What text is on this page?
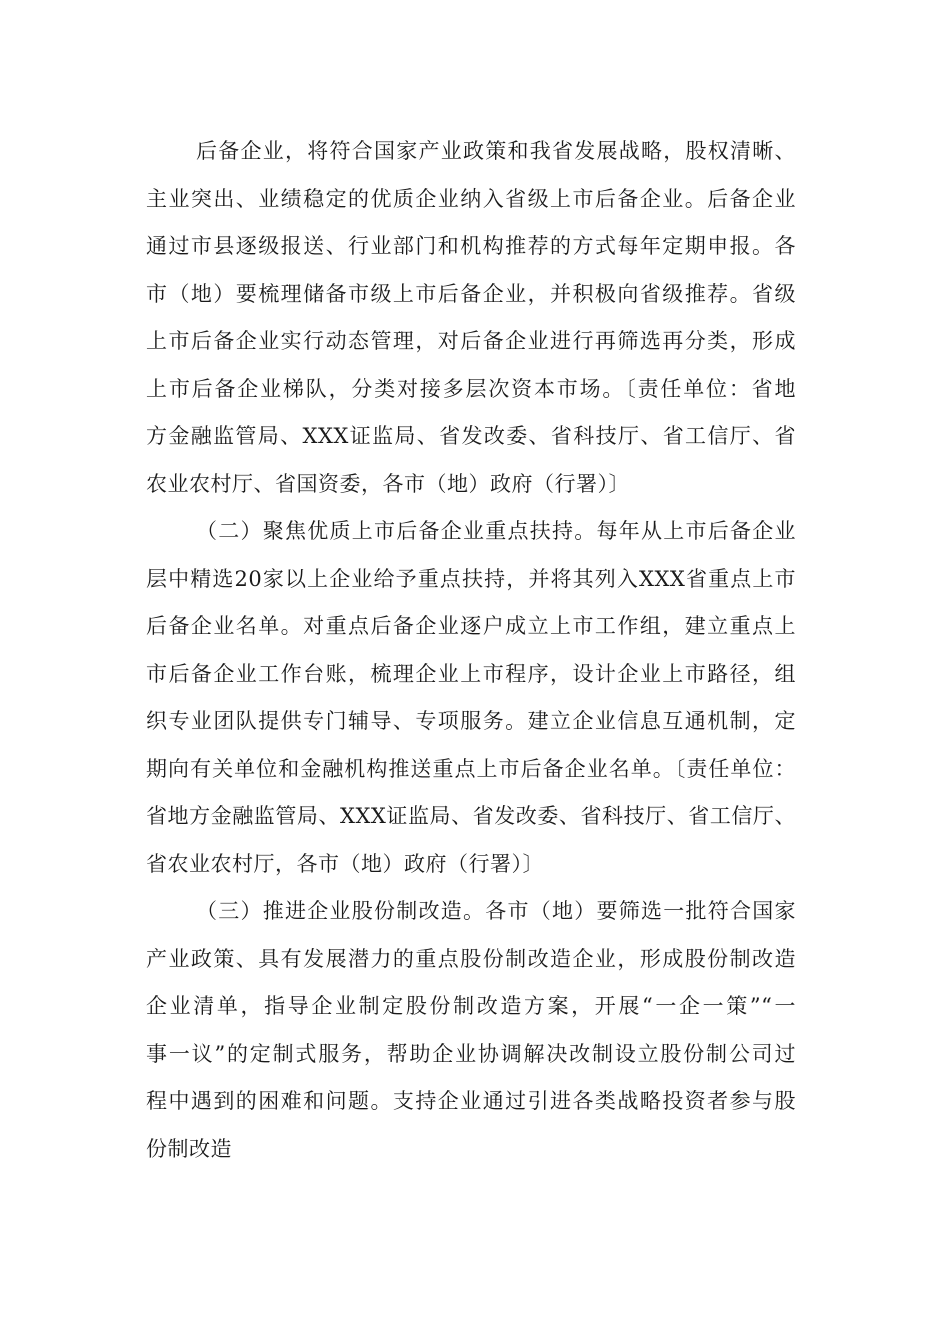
后备企业，将符合国家产业政策和我省发展战略，股权清晰、
主业突出、业绩稳定的优质企业纳入省级上市后备企业。后备企业
通过市县逐级报送、行业部门和机构推荐的方式每年定期申报。各
市（地）要梳理储备市级上市后备企业，并积极向省级推荐。省级
上市后备企业实行动态管理，对后备企业进行再筛选再分类，形成
上市后备企业梯队，分类对接多层次资本市场。〔责任单位：省地
方金融监管局、XXX证监局、省发改委、省科技厅、省工信厅、省
农业农村厅、省国资委，各市（地）政府（行署）〕
（二）聚焦优质上市后备企业重点扶持。每年从上市后备企业
层中精选20家以上企业给予重点扶持，并将其列入XXX省重点上市
后备企业名单。对重点后备企业逐户成立上市工作组，建立重点上
市后备企业工作台账，梳理企业上市程序，设计企业上市路径，组
织专业团队提供专门辅导、专项服务。建立企业信息互通机制，定
期向有关单位和金融机构推送重点上市后备企业名单。〔责任单位：
省地方金融监管局、XXX证监局、省发改委、省科技厅、省工信厅、
省农业农村厅，各市（地）政府（行署）〕
（三）推进企业股份制改造。各市（地）要筛选一批符合国家
产业政策、具有发展潜力的重点股份制改造企业，形成股份制改造
企业清单，指导企业制定股份制改造方案，开展“一企一策”“一
事一议”的定制式服务，帮助企业协调解决改制设立股份制公司过
程中遇到的困难和问题。支持企业通过引进各类战略投资者参与股
份制改造
